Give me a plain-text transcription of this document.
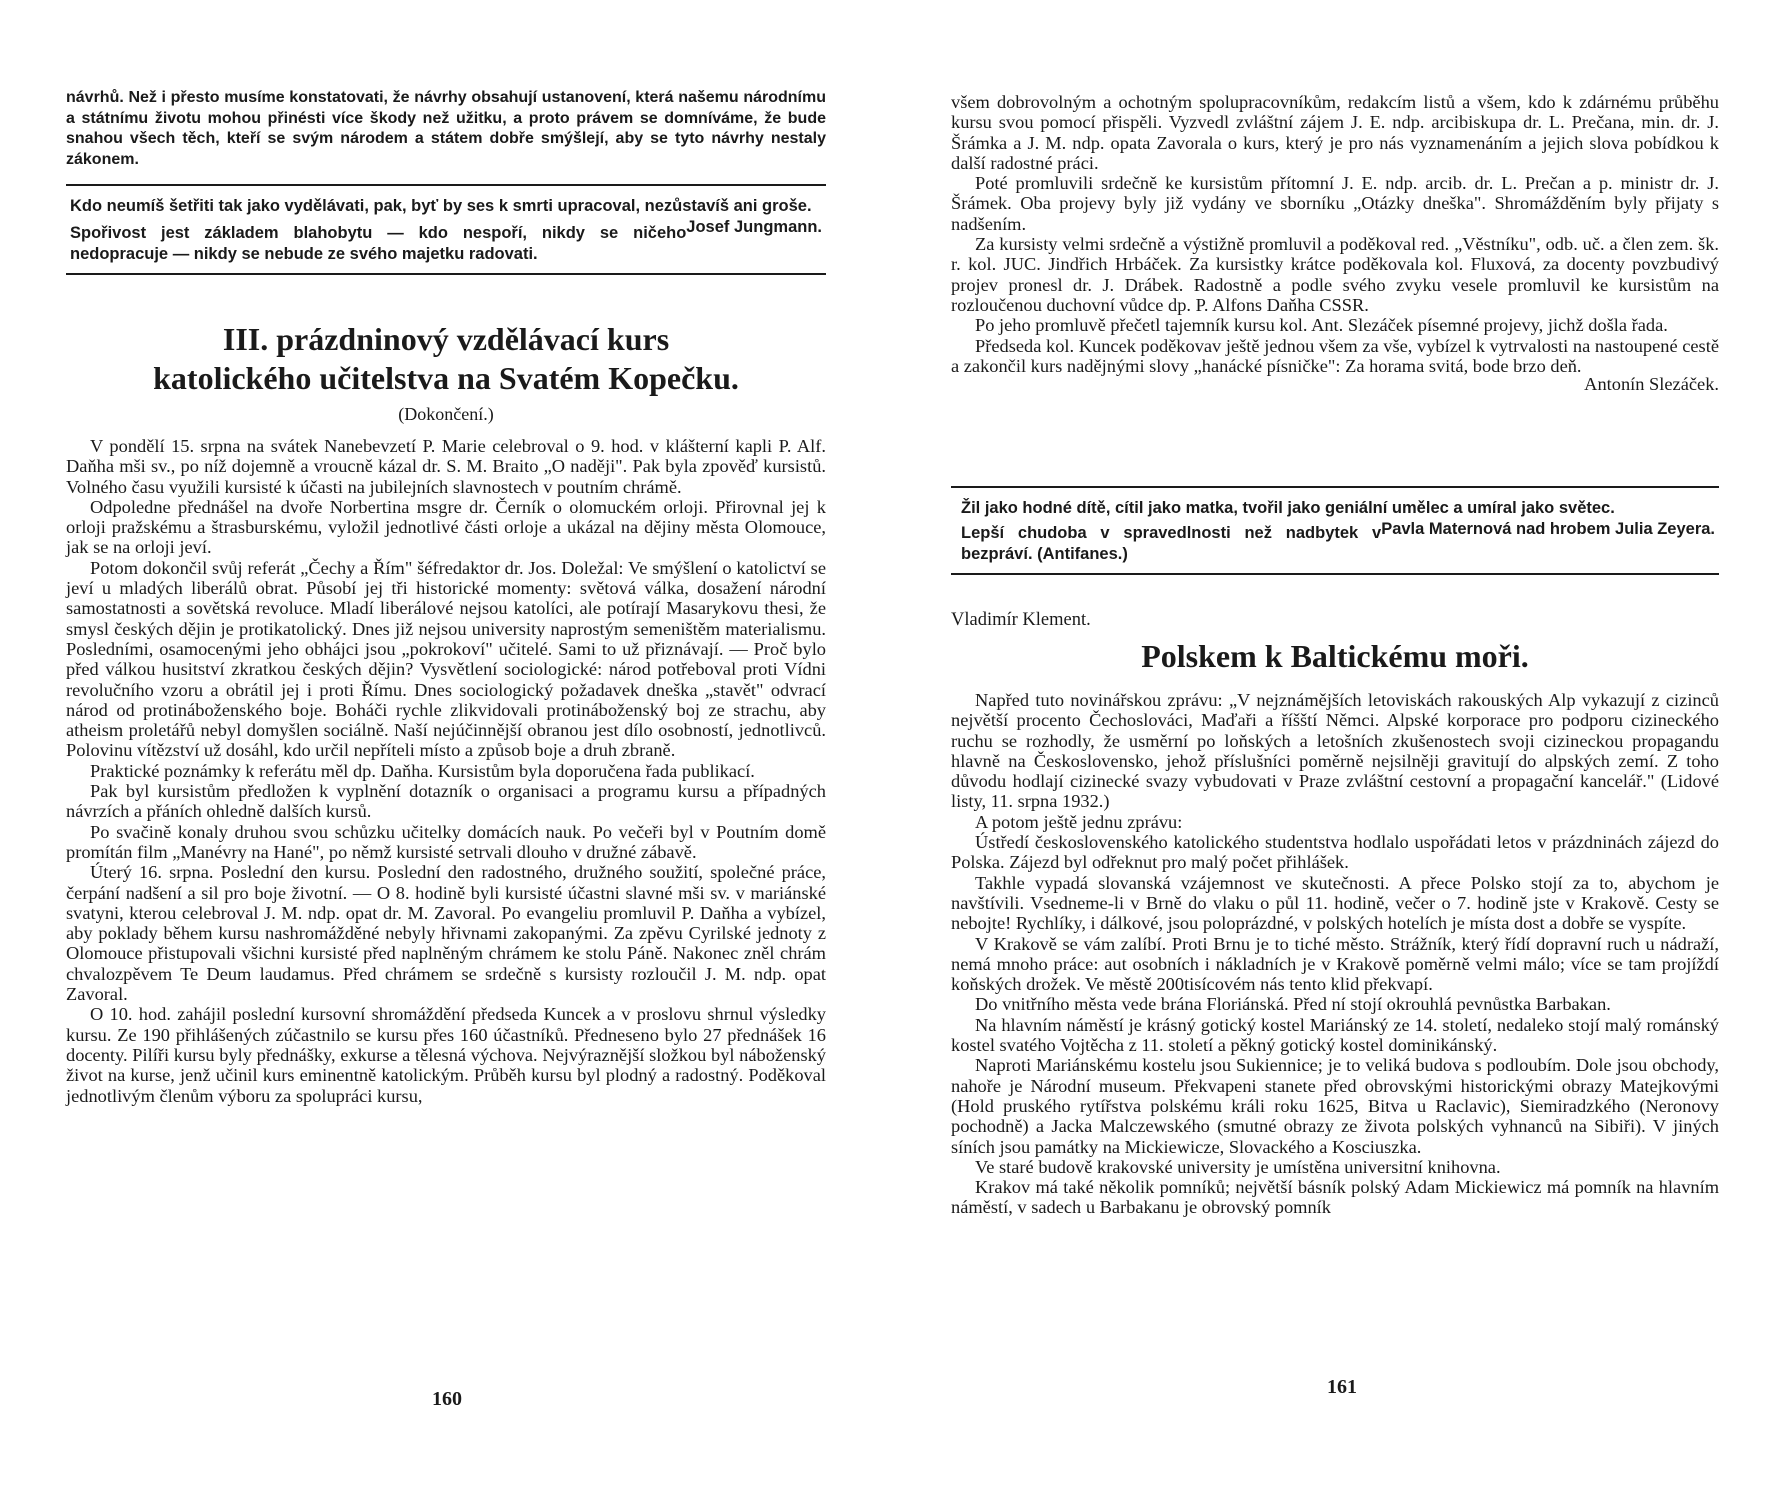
návrhů. Než i přesto musíme konstatovati, že návrhy obsahují ustanovení, která našemu národnímu a státnímu životu mohou přinésti více škody než užitku, a proto právem se domníváme, že bude snahou všech těch, kteří se svým národem a státem dobře smýšlejí, aby se tyto návrhy nestaly zákonem.

Kdo neumíš šetřiti tak jako vydělávati, pak, byť by ses k smrti upracoval, nezůstavíš ani groše.
Josef Jungmann.

Spořivost jest základem blahobytu — kdo nespoří, nikdy se ničeho nedopracuje — nikdy se nebude ze svého majetku radovati.

III. prázdninový vzdělávací kurs

katolického učitelstva na Svatém Kopečku.

(Dokončení.)

V pondělí 15. srpna na svátek Nanebevzetí P. Marie celebroval o 9. hod. v klášterní kapli P. Alf. Daňha mši sv., po níž dojemně a vroucně kázal dr. S. M. Braito „O naději". Pak byla zpověď kursistů. Volného času využili kursisté k účasti na jubilejních slavnostech v poutním chrámě.

Odpoledne přednášel na dvoře Norbertina msgre dr. Černík o olomuckém orloji. Přirovnal jej k orloji pražskému a štrasburskému, vyložil jednotlivé části orloje a ukázal na dějiny města Olomouce, jak se na orloji jeví.

Potom dokončil svůj referát „Čechy a Řím" šéfredaktor dr. Jos. Doležal: Ve smýšlení o katolictví se jeví u mladých liberálů obrat. Působí jej tři historické momenty: světová válka, dosažení národní samostatnosti a sovětská revoluce. Mladí liberálové nejsou katolíci, ale potírají Masarykovu thesi, že smysl českých dějin je protikatolický. Dnes již nejsou university naprostým semeništěm materialismu. Posledními, osamocenými jeho obhájci jsou „pokrokoví" učitelé. Sami to už přiznávají. — Proč bylo před válkou husitství zkratkou českých dějin? Vysvětlení sociologické: národ potřeboval proti Vídni revolučního vzoru a obrátil jej i proti Římu. Dnes sociologický požadavek dneška „stavět" odvrací národ od protináboženského boje. Boháči rychle zlikvidovali protináboženský boj ze strachu, aby atheism proletářů nebyl domyšlen sociálně. Naší nejúčinnější obranou jest dílo osobností, jednotlivců. Polovinu vítězství už dosáhl, kdo určil nepříteli místo a způsob boje a druh zbraně.

Praktické poznámky k referátu měl dp. Daňha. Kursistům byla doporučena řada publikací.

Pak byl kursistům předložen k vyplnění dotazník o organisaci a programu kursu a případných návrzích a přáních ohledně dalších kursů.

Po svačině konaly druhou svou schůzku učitelky domácích nauk. Po večeři byl v Poutním domě promítán film „Manévry na Hané", po němž kursisté setrvali dlouho v družné zábavě.

Úterý 16. srpna. Poslední den kursu. Poslední den radostného, družného soužití, společné práce, čerpání nadšení a sil pro boje životní. — O 8. hodině byli kursisté účastni slavné mši sv. v mariánské svatyni, kterou celebroval J. M. ndp. opat dr. M. Zavoral. Po evangeliu promluvil P. Daňha a vybízel, aby poklady během kursu nashromážděné nebyly hřivnami zakopanými. Za zpěvu Cyrilské jednoty z Olomouce přistupovali všichni kursisté před naplněným chrámem ke stolu Páně. Nakonec zněl chrám chvalozpěvem Te Deum laudamus. Před chrámem se srdečně s kursisty rozloučil J. M. ndp. opat Zavoral.

O 10. hod. zahájil poslední kursovní shromáždění předseda Kuncek a v proslovu shrnul výsledky kursu. Ze 190 přihlášených zúčastnilo se kursu přes 160 účastníků. Předneseno bylo 27 přednášek 16 docenty. Pilíři kursu byly přednášky, exkurse a tělesná výchova. Nejvýraznější složkou byl náboženský život na kurse, jenž učinil kurs eminentně katolickým. Průběh kursu byl plodný a radostný. Poděkoval jednotlivým členům výboru za spolupráci kursu,

160

všem dobrovolným a ochotným spolupracovníkům, redakcím listů a všem, kdo k zdárnému průběhu kursu svou pomocí přispěli. Vyzvedl zvláštní zájem J. E. ndp. arcibiskupa dr. L. Prečana, min. dr. J. Šrámka a J. M. ndp. opata Zavorala o kurs, který je pro nás vyznamenáním a jejich slova pobídkou k další radostné práci.

Poté promluvili srdečně ke kursistům přítomní J. E. ndp. arcib. dr. L. Prečan a p. ministr dr. J. Šrámek. Oba projevy byly již vydány ve sborníku „Otázky dneška". Shromážděním byly přijaty s nadšením.

Za kursisty velmi srdečně a výstižně promluvil a poděkoval red. „Věstníku", odb. uč. a člen zem. šk. r. kol. JUC. Jindřich Hrbáček. Za kursistky krátce poděkovala kol. Fluxová, za docenty povzbudivý projev pronesl dr. J. Drábek. Radostně a podle svého zvyku vesele promluvil ke kursistům na rozloučenou duchovní vůdce dp. P. Alfons Daňha CSSR.

Po jeho promluvě přečetl tajemník kursu kol. Ant. Slezáček písemné projevy, jichž došla řada.

Předseda kol. Kuncek poděkovav ještě jednou všem za vše, vybízel k vytrvalosti na nastoupené cestě a zakončil kurs nadějnými slovy „hanácké písničke": Za horama svitá, bode brzo deň.

Antonín Slezáček.

Žil jako hodné dítě, cítil jako matka, tvořil jako geniální umělec a umíral jako světec.
Pavla Maternová nad hrobem Julia Zeyera.

Lepší chudoba v spravedlnosti než nadbytek v bezpráví. (Antifanes.)

Vladimír Klement.

Polskem k Baltickému moři.

Napřed tuto novinářskou zprávu: „V nejznámějších letoviskách rakouských Alp vykazují z cizinců největší procento Čechoslováci, Maďaři a říšští Němci. Alpské korporace pro podporu cizineckého ruchu se rozhodly, že usměrní po loňských a letošních zkušenostech svoji cizineckou propagandu hlavně na Československo, jehož příslušníci poměrně nejsilněji gravitují do alpských zemí. Z toho důvodu hodlají cizinecké svazy vybudovati v Praze zvláštní cestovní a propagační kancelář." (Lidové listy, 11. srpna 1932.)

A potom ještě jednu zprávu:

Ústředí československého katolického studentstva hodlalo uspořádati letos v prázdninách zájezd do Polska. Zájezd byl odřeknut pro malý počet přihlášek.

Takhle vypadá slovanská vzájemnost ve skutečnosti. A přece Polsko stojí za to, abychom je navštívili. Vsedneme-li v Brně do vlaku o půl 11. hodině, večer o 7. hodině jste v Krakově. Cesty se nebojte! Rychlíky, i dálkové, jsou poloprázdné, v polských hotelích je místa dost a dobře se vyspíte.

V Krakově se vám zalíbí. Proti Brnu je to tiché město. Strážník, který řídí dopravní ruch u nádraží, nemá mnoho práce: aut osobních i nákladních je v Krakově poměrně velmi málo; více se tam projíždí koňských drožek. Ve městě 200tisícovém nás tento klid překvapí.

Do vnitřního města vede brána Floriánská. Před ní stojí okrouhlá pevnůstka Barbakan.

Na hlavním náměstí je krásný gotický kostel Mariánský ze 14. století, nedaleko stojí malý románský kostel svatého Vojtěcha z 11. století a pěkný gotický kostel dominikánský.

Naproti Mariánskému kostelu jsou Sukiennice; je to veliká budova s podloubím. Dole jsou obchody, nahoře je Národní museum. Překvapeni stanete před obrovskými historickými obrazy Matejkovými (Hold pruského rytířstva polskému králi roku 1625, Bitva u Raclavic), Siemiradzkého (Neronovy pochodně) a Jacka Malczewského (smutné obrazy ze života polských vyhnanců na Sibiři). V jiných síních jsou památky na Mickiewicze, Slovackého a Kosciuszka.

Ve staré budově krakovské university je umístěna universitní knihovna.

Krakov má také několik pomníků; největší básník polský Adam Mickiewicz má pomník na hlavním náměstí, v sadech u Barbakanu je obrovský pomník

161
